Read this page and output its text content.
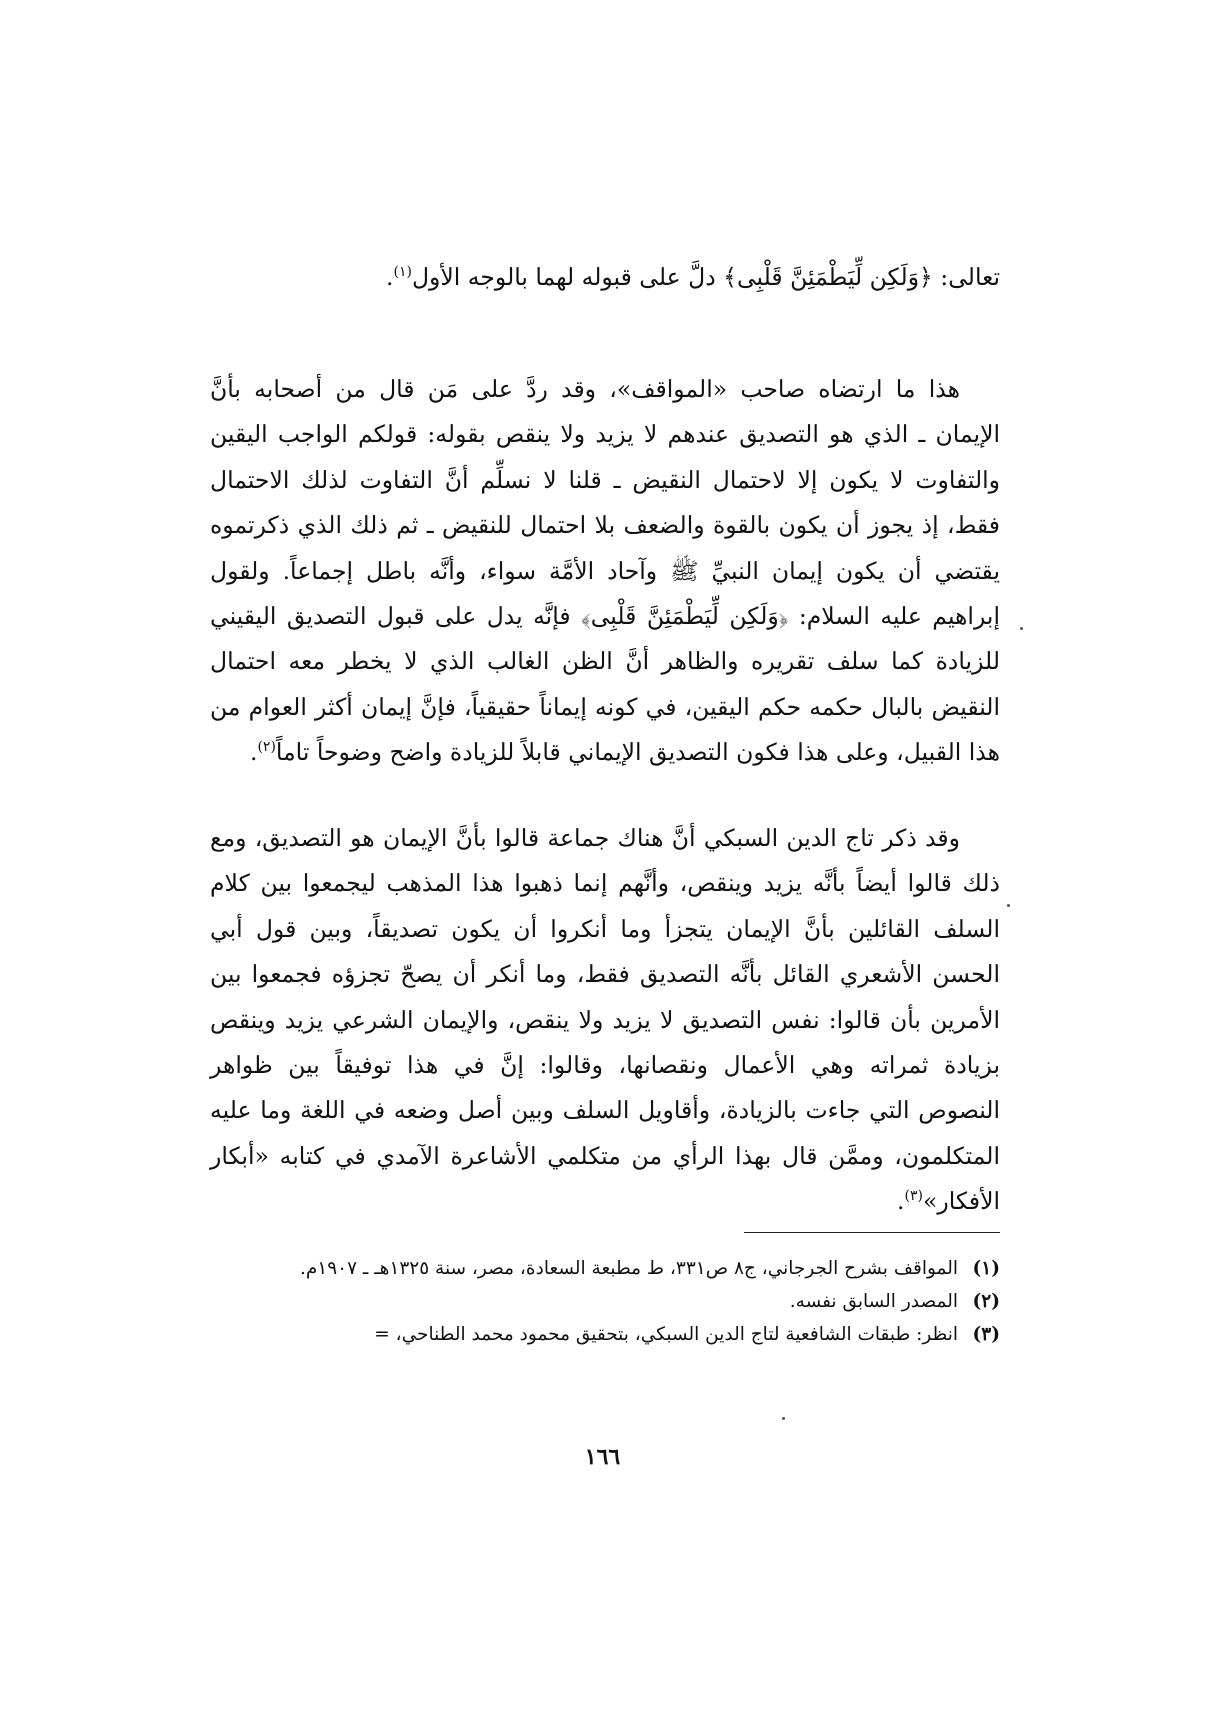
تعالى: ﴿وَلَكِن لِّيَطْمَئِنَّ قَلْبِى﴾ دلَّ على قبوله لهما بالوجه الأول$^{(١)}$.

هذا ما ارتضاه صاحب «المواقف»، وقد ردَّ على مَن قال من أصحابه بأنَّ الإيمان ـ الذي هو التصديق عندهم لا يزيد ولا ينقص بقوله: قولكم الواجب اليقين والتفاوت لا يكون إلا لاحتمال النقيض ـ قلنا لا نسلِّم أنَّ التفاوت لذلك الاحتمال فقط، إذ يجوز أن يكون بالقوة والضعف بلا احتمال للنقيض ـ ثم ذلك الذي ذكرتموه يقتضي أن يكون إيمان النبيِّ ﷺ وآحاد الأمَّة سواء، وأنَّه باطل إجماعاً. ولقول إبراهيم عليه السلام: ﴿وَلَكِن لِّيَطْمَئِنَّ قَلْبِى﴾ فإنَّه يدل على قبول التصديق اليقيني للزيادة كما سلف تقريره والظاهر أنَّ الظن الغالب الذي لا يخطر معه احتمال النقيض بالبال حكمه حكم اليقين، في كونه إيماناً حقيقياً، فإنَّ إيمان أكثر العوام من هذا القبيل، وعلى هذا فكون التصديق الإيماني قابلاً للزيادة واضح وضوحاً تاماً$^{(٢)}$.

وقد ذكر تاج الدين السبكي أنَّ هناك جماعة قالوا بأنَّ الإيمان هو التصديق، ومع ذلك قالوا أيضاً بأنَّه يزيد وينقص، وأنَّهم إنما ذهبوا هذا المذهب ليجمعوا بين كلام السلف القائلين بأنَّ الإيمان يتجزأ وما أنكروا أن يكون تصديقاً، وبين قول أبي الحسن الأشعري القائل بأنَّه التصديق فقط، وما أنكر أن يصحّ تجزؤه فجمعوا بين الأمرين بأن قالوا: نفس التصديق لا يزيد ولا ينقص، والإيمان الشرعي يزيد وينقص بزيادة ثمراته وهي الأعمال ونقصانها، وقالوا: إنَّ في هذا توفيقاً بين ظواهر النصوص التي جاءت بالزيادة، وأقاويل السلف وبين أصل وضعه في اللغة وما عليه المتكلمون، وممَّن قال بهذا الرأي من متكلمي الأشاعرة الآمدي في كتابه «أبكار الأفكار»$^{(٣)}$.

(١)
المواقف بشرح الجرجاني، ج٨ ص٣٣١، ط مطبعة السعادة، مصر، سنة ١٣٢٥هـ ـ ١٩٠٧م.
(٢)
المصدر السابق نفسه.
(٣)
انظر: طبقات الشافعية لتاج الدين السبكي، بتحقيق محمود محمد الطناحي، =
١٦٦
